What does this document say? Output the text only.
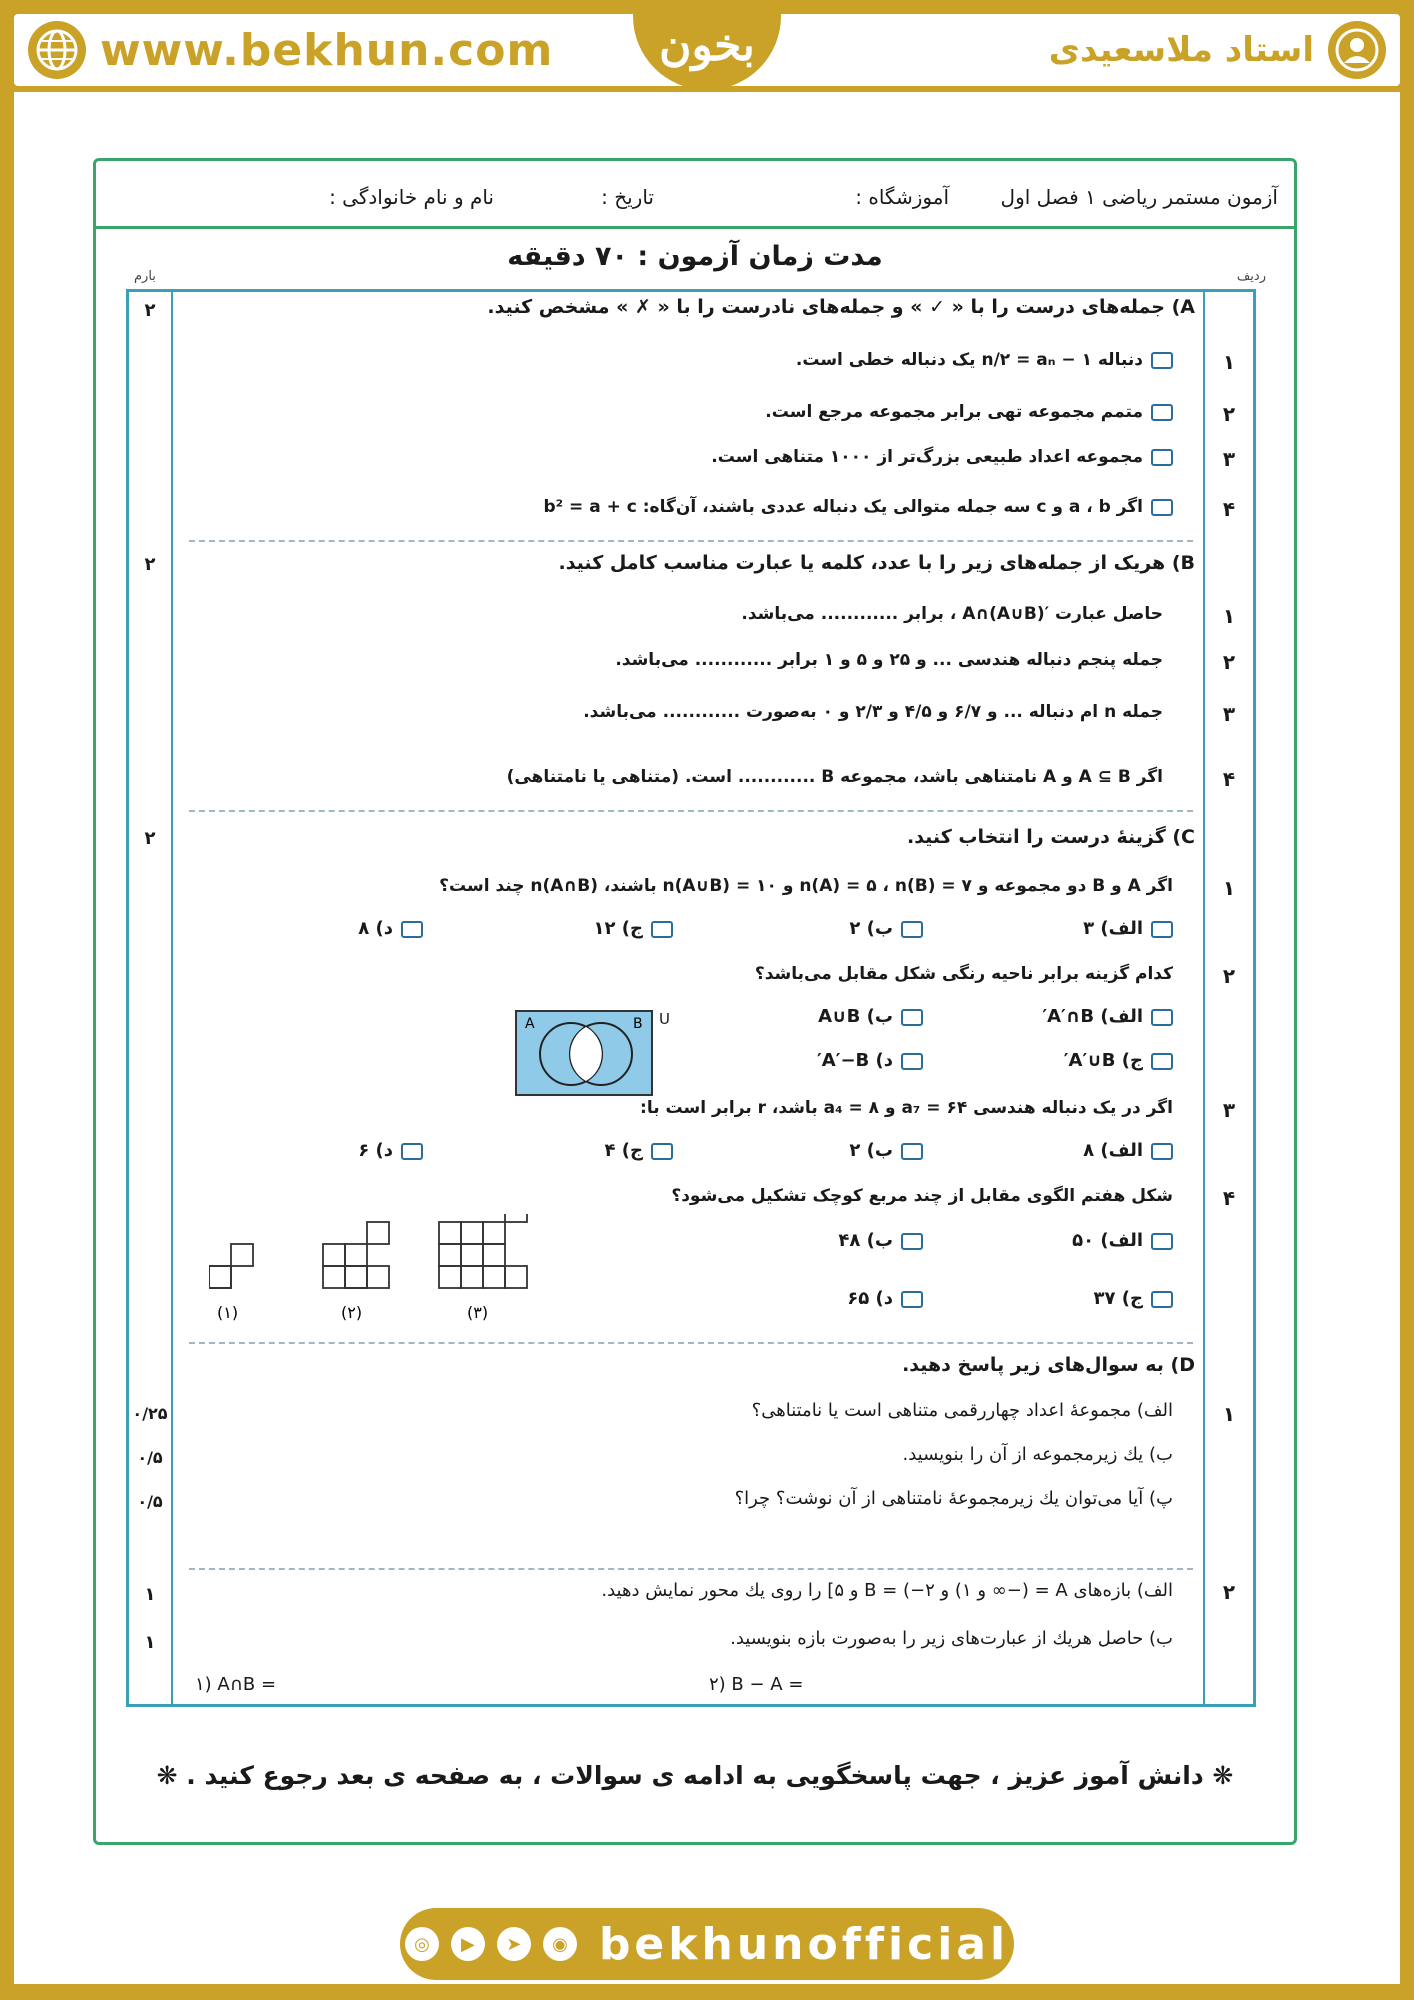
www.bekhun.com بخون	استاد ملاسعیدی
آزمون مستمر ریاضی ۱ فصل اول
آموزشگاه :
تاریخ :
نام و نام خانوادگی :
مدت زمان آزمون : ۷۰ دقیقه
ردیف
بارم
۲	A) جمله‌های درست را با « ✓ » و جمله‌های نادرست را با « ✗ » مشخص کنید.
۱
دنباله ۱ − n/۲ = aₙ یک دنباله خطی است.
۲
متمم مجموعه تهی برابر مجموعه مرجع است.
۳
مجموعه اعداد طبیعی بزرگ‌تر از ۱۰۰۰ متناهی است.
۴
اگر a ، b و c سه جمله متوالی یک دنباله عددی باشند، آن‌گاه: b² = a + c
۲	B) هریک از جمله‌های زیر را با عدد، کلمه یا عبارت مناسب کامل کنید.
۱
حاصل عبارت ′(A∩(A∪B ، برابر ............ می‌باشد.
۲
جمله پنجم دنباله هندسی ... و ۲۵ و ۵ و ۱ برابر ............ می‌باشد.
۳
جمله n ام دنباله ... و ۶/۷ و ۴/۵ و ۲/۳ و ۰ به‌صورت ............ می‌باشد.
۴
اگر A ⊆ B و A نامتناهی باشد، مجموعه B ............ است. (متناهی یا نامتناهی)
۲	C) گزینهٔ درست را انتخاب کنید.
۱
اگر A و B دو مجموعه و n(A) = ۵ ، n(B) = ۷ و n(A∪B) = ۱۰ باشند، n(A∩B) چند است؟
الف) ۳
ب) ۲
ج) ۱۲
د) ۸
۲
کدام گزینه برابر ناحیه رنگی شکل مقابل می‌باشد؟
A	B U	الف) A′∩B′
ب) A∪B
ج) A′∪B′
د) A′−B′
۳
اگر در یک دنباله هندسی ۶۴ = a₇ و ۸ = a₄ باشد، r برابر است با:
الف) ۸
ب) ۲
ج) ۴
د) ۶
۴
شکل هفتم الگوی مقابل از چند مربع کوچک تشکیل می‌شود؟
الف) ۵۰
ب) ۴۸
ج) ۳۷
د) ۶۵
(۱)	(۲)	(۳)
D) به سوال‌های زیر پاسخ دهید.
۱
الف) مجموعهٔ اعداد چهاررقمی متناهی است یا نامتناهی؟
ب) یك زیرمجموعه از آن را بنویسید.
پ) آیا می‌توان یك زیرمجموعهٔ نامتناهی از آن نوشت؟ چرا؟
۰/۲۵
۰/۵
۰/۵
۲
الف) بازه‌های A = (−∞ و ۱) و B = (−۲ و ۵] را روی یك محور نمایش دهید.
ب) حاصل هریك از عبارت‌های زیر را به‌صورت بازه بنویسید.
۱
۱
۱) A∩B =	۲) B − A =
❋ دانش آموز عزیز ، جهت پاسخگویی به ادامه ی سوالات ، به صفحه ی بعد رجوع کنید . ❋
◎	▶	➤	◉ bekhunofficial
